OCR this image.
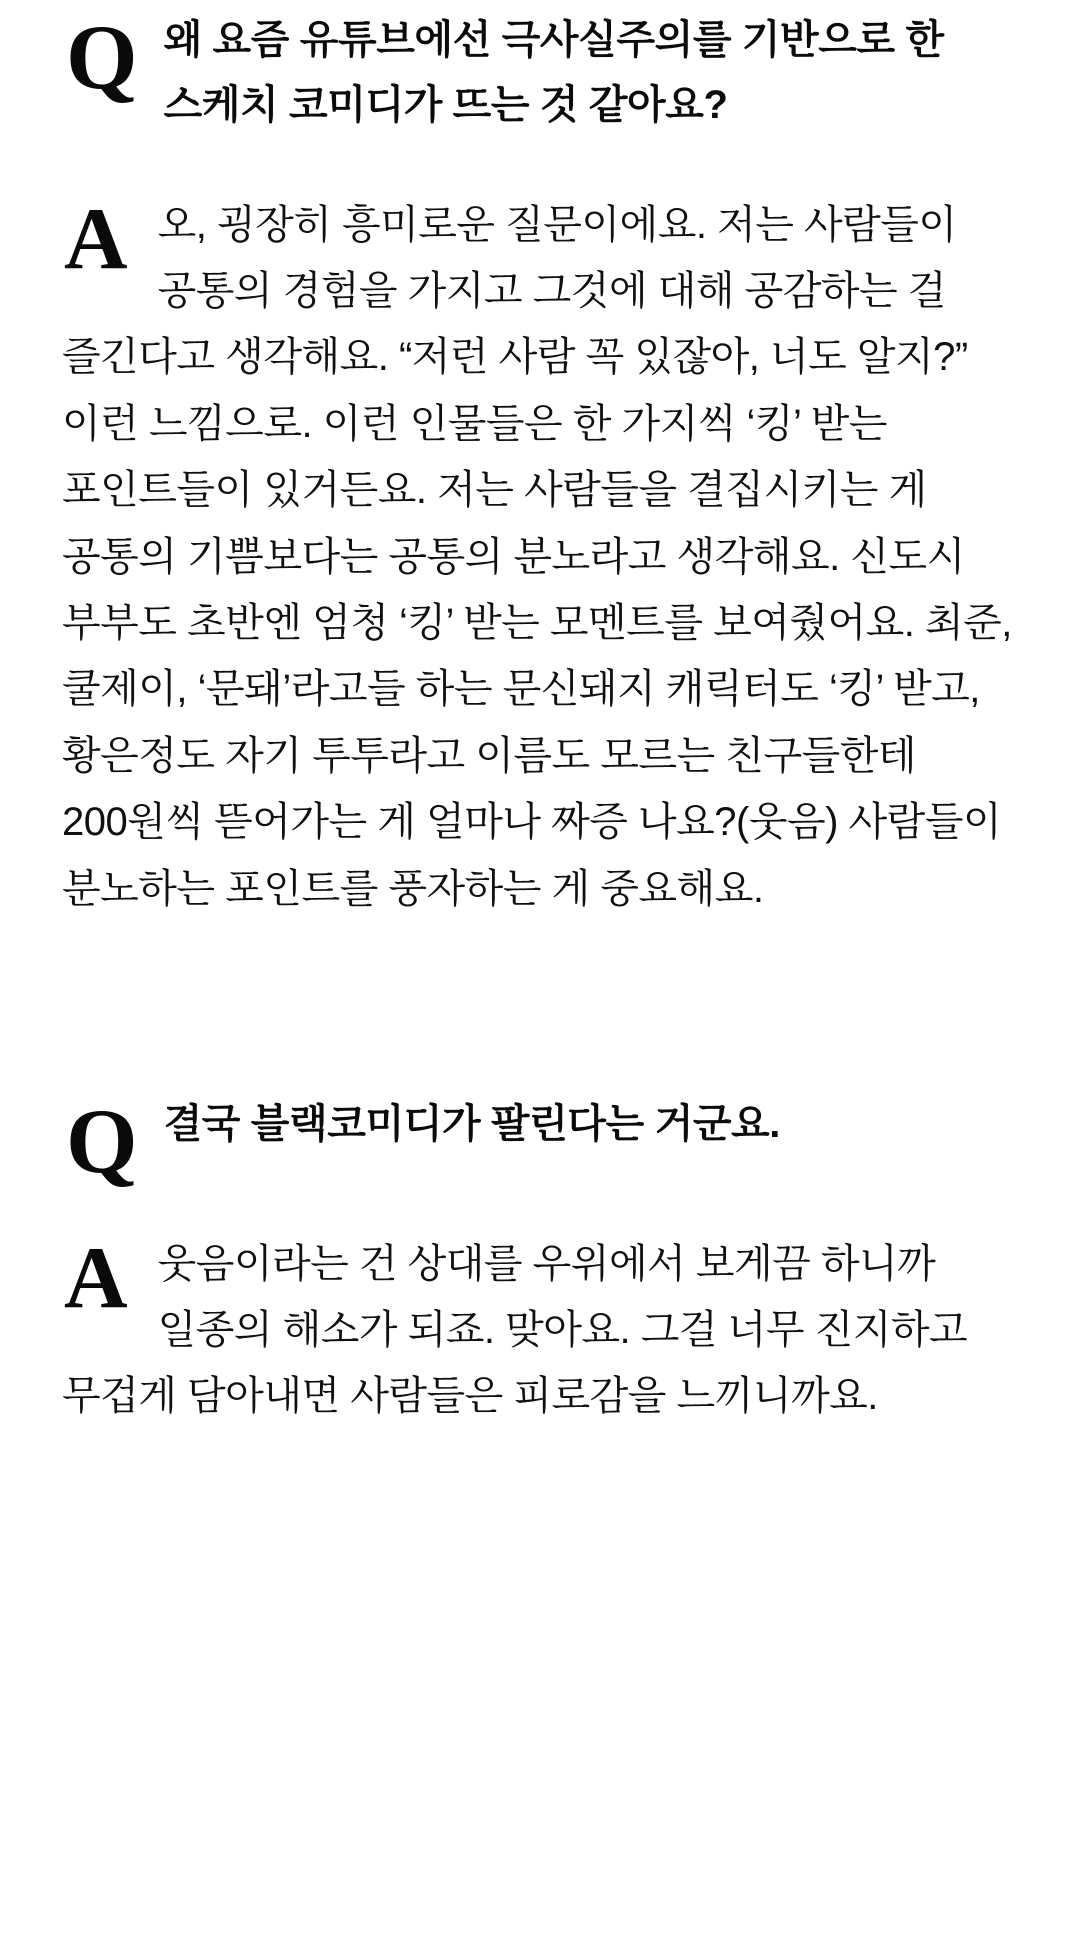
Q 왜 요즘 유튜브에선 극사실주의를 기반으로 한 스케치 코미디가 뜨는 것 같아요?

A 오, 굉장히 흥미로운 질문이에요. 저는 사람들이 공통의 경험을 가지고 그것에 대해 공감하는 걸 즐긴다고 생각해요. “저런 사람 꼭 있잖아, 너도 알지?” 이런 느낌으로. 이런 인물들은 한 가지씩 ‘킹’ 받는 포인트들이 있거든요. 저는 사람들을 결집시키는 게 공통의 기쁨보다는 공통의 분노라고 생각해요. 신도시 부부도 초반엔 엄청 ‘킹’ 받는 모멘트를 보여줬어요. 최준, 쿨제이, ‘문돼’라고들 하는 문신돼지 캐릭터도 ‘킹’ 받고, 황은정도 자기 투투라고 이름도 모르는 친구들한테 200원씩 뜯어가는 게 얼마나 짜증 나요?(웃음) 사람들이 분노하는 포인트를 풍자하는 게 중요해요.

Q 결국 블랙코미디가 팔린다는 거군요.

A 웃음이라는 건 상대를 우위에서 보게끔 하니까 일종의 해소가 되죠. 맞아요. 그걸 너무 진지하고 무겁게 담아내면 사람들은 피로감을 느끼니까요.
